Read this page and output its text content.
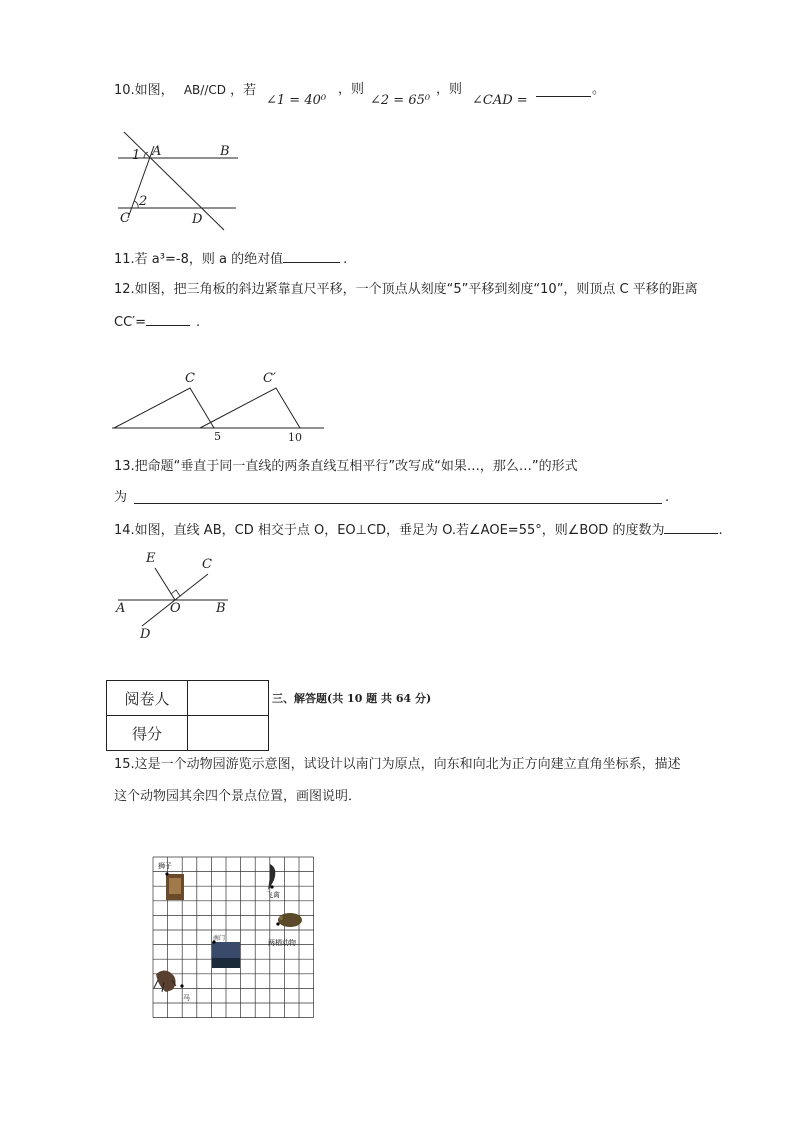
10.如图， AB//CD ，若
∠1 = 40⁰
，则
∠2 = 65⁰
，则
∠CAD =
。
1 A	B
2
C	D
11.若 a³=-8，则 a 的绝对值	.
12.如图，把三角板的斜边紧靠直尺平移，一个顶点从刻度“5”平移到刻度“10”，则顶点 C 平移的距离
CC′=	.
C	C′
5	10
13.把命题“垂直于同一直线的两条直线互相平行”改写成“如果…，那么…”的形式
为	.
14.如图，直线 AB，CD 相交于点 O，EO⊥CD，垂足为 O.若∠AOE=55°，则∠BOD 的度数为	.
E	C
A	O	B
D
阅卷人	
得分	
三、解答题(共 10 题 共 64 分)
15.这是一个动物园游览示意图，试设计以南门为原点，向东和向北为正方向建立直角坐标系，描述
这个动物园其余四个景点位置，画图说明．
狮子
飞禽
两栖动物
南门
马
